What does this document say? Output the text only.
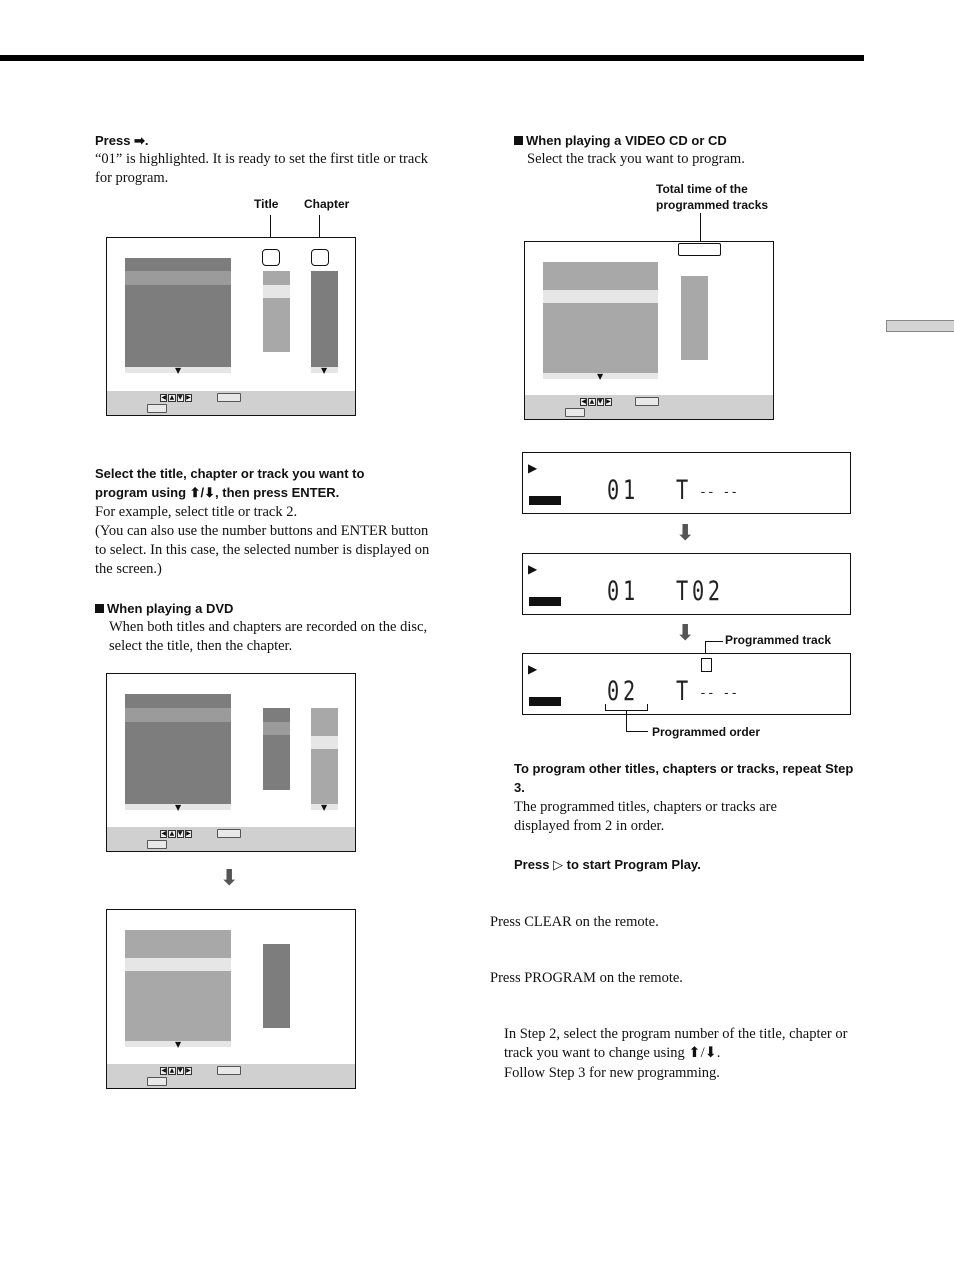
Press ➡.
“01” is highlighted. It is ready to set the first title or track for program.
Title Chapter
▼	▼
◀ ▲ ▼ ▶
Select the title, chapter or track you want to
program using ⬆/⬇, then press ENTER.
For example, select title or track 2.
(You can also use the number buttons and ENTER button to select. In this case, the selected number is displayed on the screen.)
When playing a DVD
When both titles and chapters are recorded on the disc, select the title, then the chapter.
▼	▼
◀ ▲ ▼ ▶
⬇
▼
◀ ▲ ▼ ▶
When playing a VIDEO CD or CD
Select the track you want to program.
Total time of the programmed tracks
▼
◀ ▲ ▼ ▶
▶
01 T -- --
⬇
▶
01 T02
⬇	Programmed track
▶
02 T -- --
Programmed order
To program other titles, chapters or tracks, repeat Step 3.
The programmed titles, chapters or tracks are displayed from 2 in order.
Press ▷ to start Program Play.
Press CLEAR on the remote.
Press PROGRAM on the remote.
In Step 2, select the program number of the title, chapter or track you want to change using ⬆/⬇.
Follow Step 3 for new programming.
